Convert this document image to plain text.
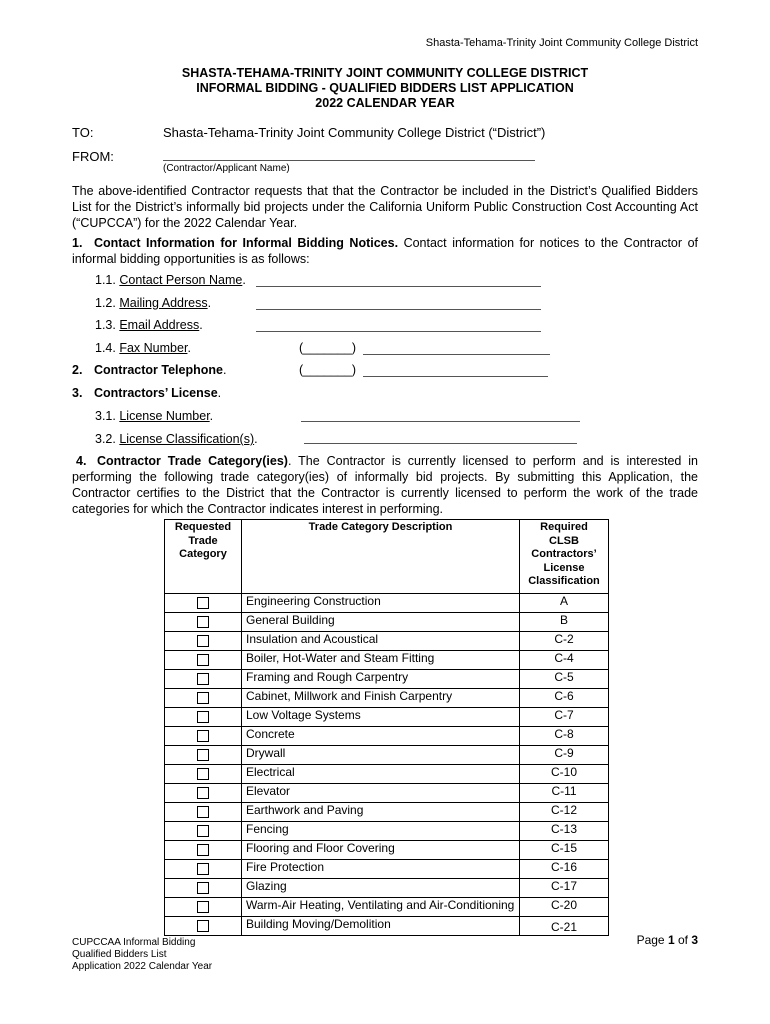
Shasta-Tehama-Trinity Joint Community College District
SHASTA-TEHAMA-TRINITY JOINT COMMUNITY COLLEGE DISTRICT
INFORMAL BIDDING - QUALIFIED BIDDERS LIST APPLICATION
2022 CALENDAR YEAR
TO:	Shasta-Tehama-Trinity Joint Community College District (“District”)
FROM:
(Contractor/Applicant Name)
The above-identified Contractor requests that that the Contractor be included in the District’s Qualified Bidders List for the District’s informally bid projects under the California Uniform Public Construction Cost Accounting Act (“CUPCCA”) for the 2022 Calendar Year.
1. Contact Information for Informal Bidding Notices. Contact information for notices to the Contractor of informal bidding opportunities is as follows:
1.1. Contact Person Name.
1.2. Mailing Address.
1.3. Email Address.
1.4. Fax Number.	(_______)
2. Contractor Telephone.	(_______)
3. Contractors’ License.
3.1. License Number.
3.2. License Classification(s).
4. Contractor Trade Category(ies). The Contractor is currently licensed to perform and is interested in performing the following trade category(ies) of informally bid projects. By submitting this Application, the Contractor certifies to the District that the Contractor is currently licensed to perform the work of the trade categories for which the Contractor indicates interest in performing.
Requested Trade Category	Trade Category Description	Required CLSB Contractors’ License Classification
	Engineering Construction	A
	General Building	B
	Insulation and Acoustical	C-2
	Boiler, Hot-Water and Steam Fitting	C-4
	Framing and Rough Carpentry	C-5
	Cabinet, Millwork and Finish Carpentry	C-6
	Low Voltage Systems	C-7
	Concrete	C-8
	Drywall	C-9
	Electrical	C-10
	Elevator	C-11
	Earthwork and Paving	C-12
	Fencing	C-13
	Flooring and Floor Covering	C-15
	Fire Protection	C-16
	Glazing	C-17
	Warm-Air Heating, Ventilating and Air-Conditioning	C-20
	Building Moving/Demolition	C-21
CUPCCAA Informal Bidding
Qualified Bidders List
Application 2022 Calendar Year
Page 1 of 3
